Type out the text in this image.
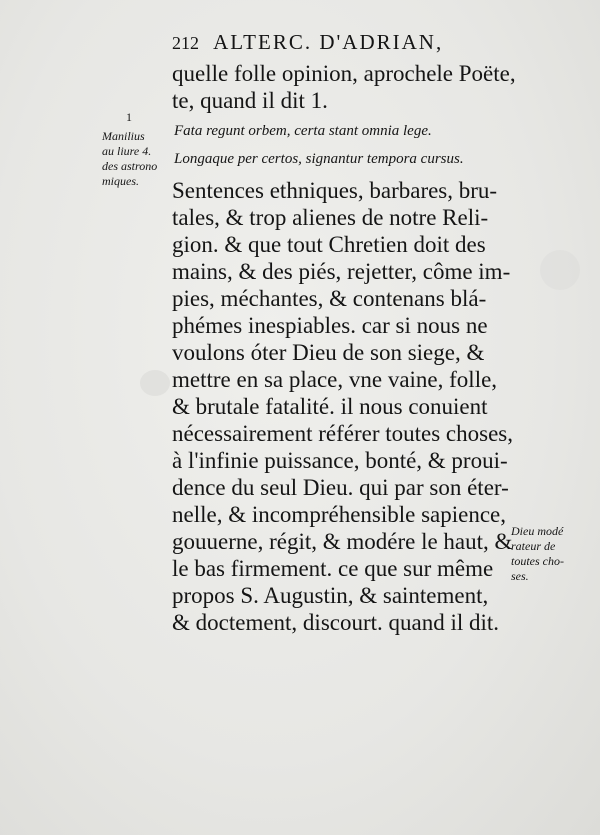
212 ALTERC. D'ADRIAN,
quelle folle opinion, aprochele Poëte,
te, quand il dit 1.
Fata regunt orbem, certa stant omnia lege.
Longaque per certos, signantur tempora cursus.
Sentences ethniques, barbares, bru-
tales, & trop alienes de notre Reli-
gion. & que tout Chretien doit des
mains, & des piés, rejetter, côme im-
pies, méchantes, & contenans blá-
phémes inespiables. car si nous ne
voulons óter Dieu de son siege, &
mettre en sa place, vne vaine, folle,
& brutale fatalité. il nous conuient
nécessairement référer toutes choses,
à l'infinie puissance, bonté, & proui-
dence du seul Dieu. qui par son éter-
nelle, & incompréhensible sapience,
gouuerne, régit, & modére le haut, &
le bas firmement. ce que sur même
propos S. Augustin, & saintement,
& doctement, discourt. quand il dit.
1
Manilius
au liure 4.
des astrono
miques.
Dieu modé
rateur de
toutes cho-
ses.
